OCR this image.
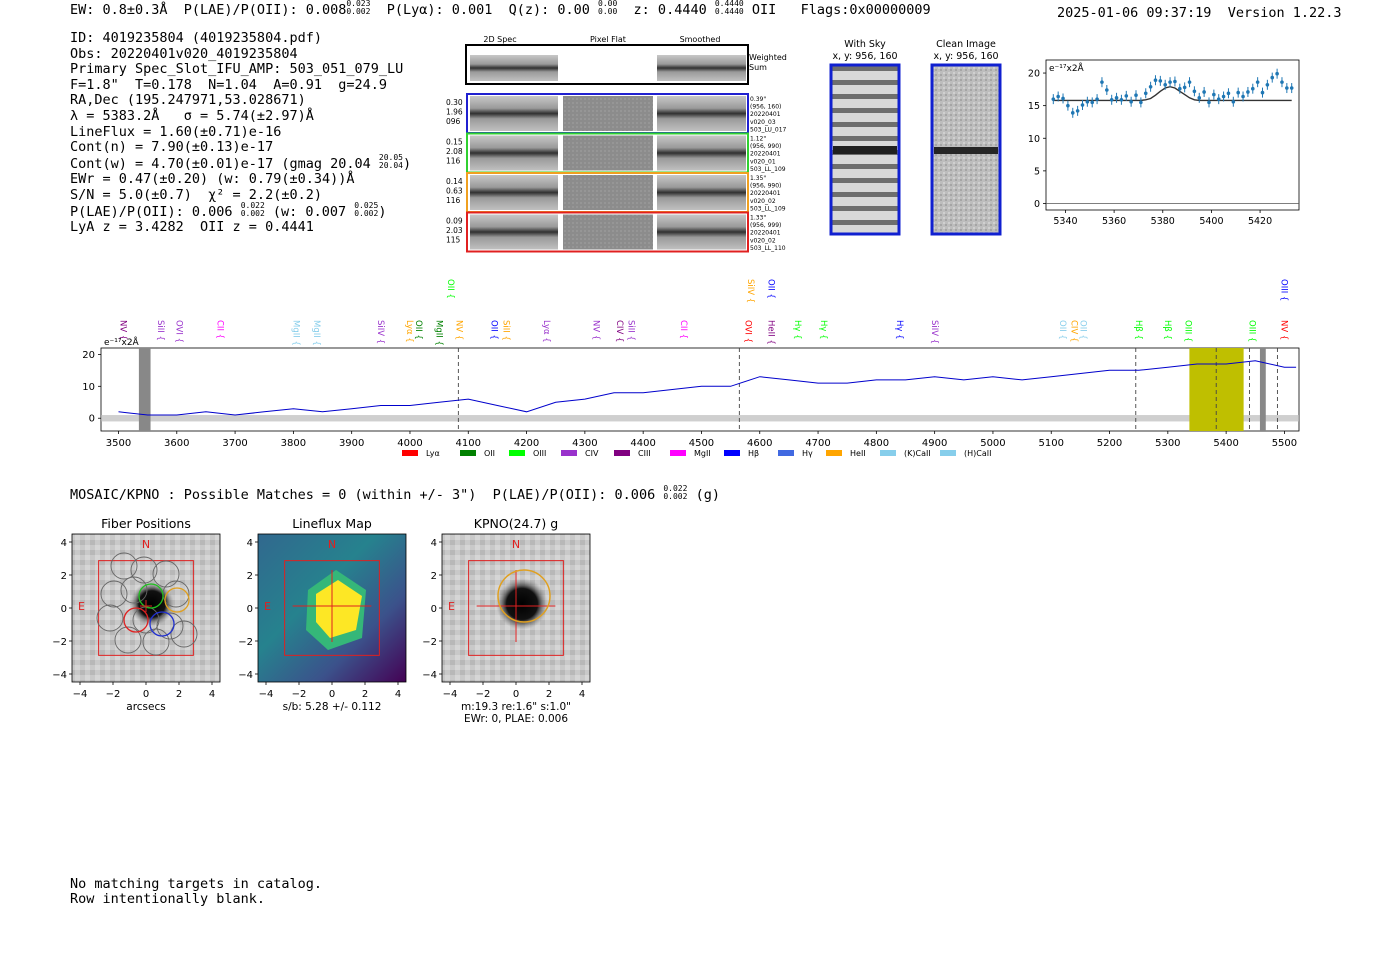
EW: 0.8±0.3Å  P(LAE)/P(OII): 0.008 0.023
0.002 P(Lyα): 0.001  Q(z): 0.00 0.00
0.00 z: 0.4440 0.4440
0.4440 OII   Flags:0x00000009	2025-01-06 09:37:19 Version 1.22.3
ID: 4019235804 (4019235804.pdf)
Obs: 20220401v020_4019235804
Primary Spec_Slot_IFU_AMP: 503_051_079_LU
F=1.8"  T=0.178  N=1.04  A=0.91  g=24.9
RA,Dec (195.247971,53.028671)
λ = 5383.2Å   σ = 5.74(±2.97)Å
LineFlux = 1.60(±0.71)e-16
Cont(n) = 7.90(±0.13)e-17
Cont(w) = 4.70(±0.01)e-17 (gmag 20.04 20.05
20.04 )
EWr = 0.47(±0.20) (w: 0.79(±0.34))Å
S/N = 5.0(±0.7)  χ² = 2.2(±0.2)
P(LAE)/P(OII): 0.006 0.022
0.002 (w: 0.007 0.025
0.002 )
LyA z = 3.4282  OII z = 0.4441
2D Spec	Pixel Flat	Smoothed
Weighted
Sum
0.30
1.96
096
0.39"
(956, 160)
20220401
v020_03
503_LU_017
0.15
2.08
116
1.12"
(956, 990)
20220401
v020_01
503_LL_109
0.14
0.63
116
1.35"
(956, 990)
20220401
v020_02
503_LL_109
0.09
2.03
115
1.33"
(956, 999)
20220401
v020_02
503_LL_110
With Sky
x, y: 956, 160
Clean Image
x, y: 956, 160
e⁻¹⁷x2Å
0
5
10
15
20
5340	5360	5380	5400	5420
OII {	SiIV { OII {	OIII {
NV {	SiII { OVI {	CII {	MgII { MgII {	SiIV { Lyα {
OII { MgII { NV {	OII { SiII {	Lyα {	NV { CIV { SiII {	CII {	OVI { HeII { Hγ { Hγ {	Hγ {	SiIV {	OII { CIV {
OII {	Hβ { Hβ { OIII {	OIII {	NV {
e⁻¹⁷x2Å
0
10
20
3500	3600	3700	3800	3900	4000	4100	4200	4300	4400	4500	4600	4700	4800	4900	5000	5100	5200	5300	5400	5500
Lyα	OII	OIII	CIV	CIII	MgII	Hβ	Hγ	HeII	(K)CaII	(H)CaII
MOSAIC/KPNO : Possible Matches = 0 (within +/- 3")  P(LAE)/P(OII): 0.006 0.022
0.002 (g)
Fiber Positions
N
E
4
2
0
−2
−4
−4 −2 0	2	4
arcsecs
Lineflux Map
N
E
4
2
0
−2
−4
−4 −2 0	2	4
s/b: 5.28 +/- 0.112
KPNO(24.7) g
N
E
4
2
0
−2
−4
−4 −2 0	2	4
m:19.3 re:1.6" s:1.0"
EWr: 0, PLAE: 0.006
No matching targets in catalog.
Row intentionally blank.
